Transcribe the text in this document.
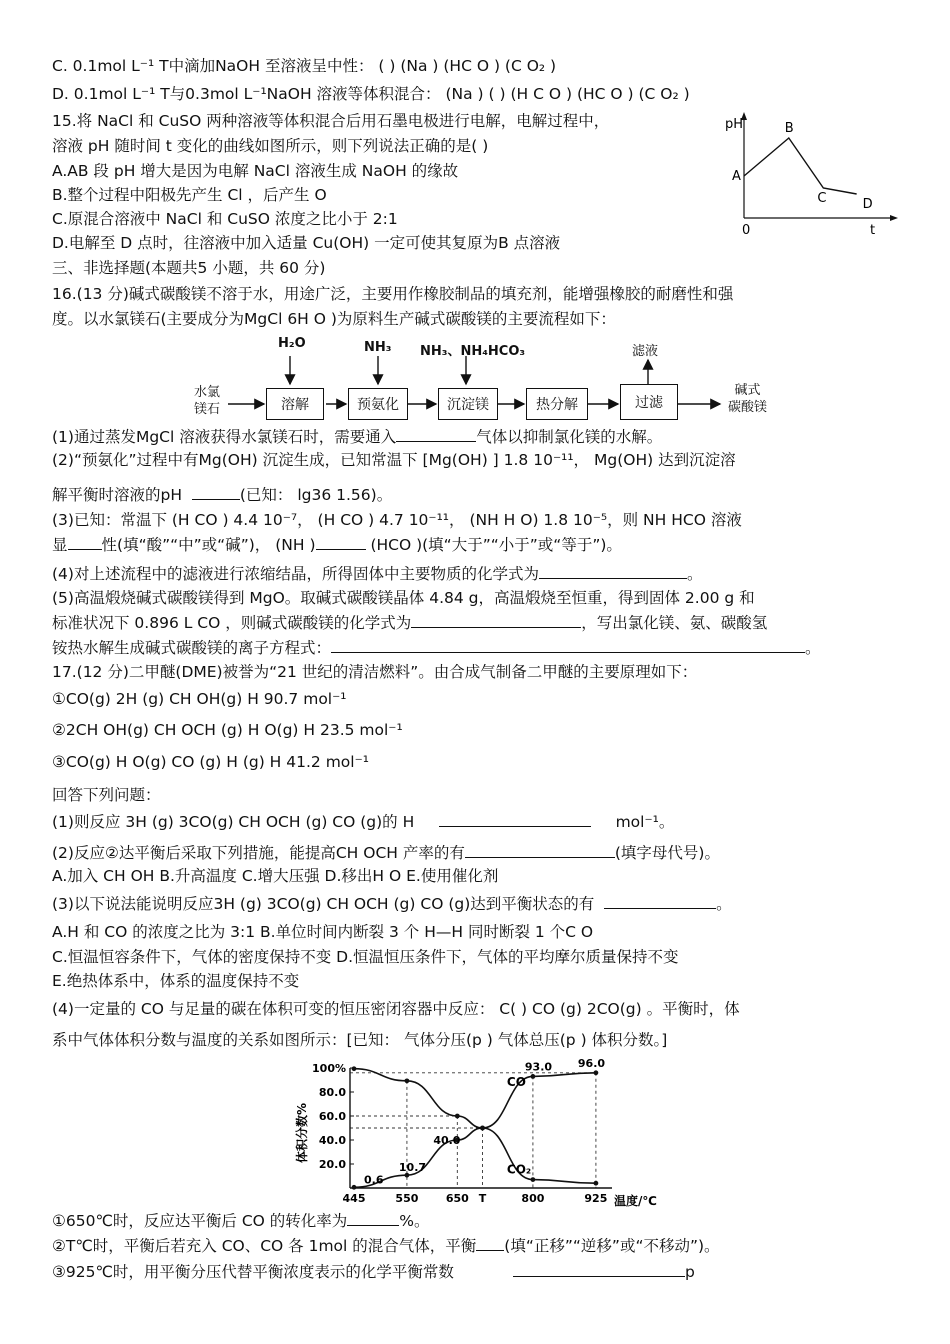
C. 0.1mol L⁻¹ T中滴加NaOH 至溶液呈中性： ( ) (Na ) (HC O ) (C O₂ )
D. 0.1mol L⁻¹ T与0.3mol L⁻¹NaOH 溶液等体积混合： (Na ) ( ) (H C O ) (HC O ) (C O₂ )
15.将 NaCl 和 CuSO 两种溶液等体积混合后用石墨电极进行电解，电解过程中，
溶液 pH 随时间 t 变化的曲线如图所示，则下列说法正确的是( )
A.AB 段 pH 增大是因为电解 NaCl 溶液生成 NaOH 的缘故
B.整个过程中阳极先产生 Cl ，后产生 O
C.原混合溶液中 NaCl 和 CuSO 浓度之比小于 2:1
D.电解至 D 点时，往溶液中加入适量 Cu(OH) 一定可使其复原为B 点溶液
三、非选择题(本题共5 小题，共 60 分)
16.(13 分)碱式碳酸镁不溶于水，用途广泛，主要用作橡胶制品的填充剂，能增强橡胶的耐磨性和强
度。以水氯镁石(主要成分为MgCl 6H O )为原料生产碱式碳酸镁的主要流程如下：
pH
t
0
A
B
C	D
水氯
镁石	溶解	预氨化	沉淀镁	热分解	过滤
H₂O	NH₃ NH₃、NH₄HCO₃	滤液
碱式
碳酸镁
(1)通过蒸发MgCl 溶液获得水氯镁石时，需要通入	气体以抑制氯化镁的水解。
(2)“预氨化”过程中有Mg(OH) 沉淀生成，已知常温下 [Mg(OH) ] 1.8 10⁻¹¹， Mg(OH) 达到沉淀溶
解平衡时溶液的pH	(已知： lg36 1.56)。
(3)已知：常温下 (H CO ) 4.4 10⁻⁷， (H CO ) 4.7 10⁻¹¹， (NH H O) 1.8 10⁻⁵，则 NH HCO 溶液
显 性(填“酸”“中”或“碱”)， (NH )	(HCO )(填“大于”“小于”或“等于”)。
(4)对上述流程中的滤液进行浓缩结晶，所得固体中主要物质的化学式为	。
(5)高温煅烧碱式碳酸镁得到 MgO。取碱式碳酸镁晶体 4.84 g，高温煅烧至恒重，得到固体 2.00 g 和
标准状况下 0.896 L CO ，则碱式碳酸镁的化学式为	，写出氯化镁、氨、碳酸氢
铵热水解生成碱式碳酸镁的离子方程式：	。
17.(12 分)二甲醚(DME)被誉为“21 世纪的清洁燃料”。由合成气制备二甲醚的主要原理如下：
①CO(g) 2H (g) CH OH(g) H 90.7 mol⁻¹
②2CH OH(g) CH OCH (g) H O(g) H 23.5 mol⁻¹
③CO(g) H O(g) CO (g) H (g) H 41.2 mol⁻¹
回答下列问题：
(1)则反应 3H (g) 3CO(g) CH OCH (g) CO (g)的 H	mol⁻¹。
(2)反应②达平衡后采取下列措施，能提高CH OCH 产率的有	(填字母代号)。
A.加入 CH OH B.升高温度 C.增大压强 D.移出H O E.使用催化剂
(3)以下说法能说明反应3H (g) 3CO(g) CH OCH (g) CO (g)达到平衡状态的有	。
A.H 和 CO 的浓度之比为 3:1 B.单位时间内断裂 3 个 H—H 同时断裂 1 个C O
C.恒温恒容条件下，气体的密度保持不变 D.恒温恒压条件下，气体的平均摩尔质量保持不变
E.绝热体系中，体系的温度保持不变
(4)一定量的 CO 与足量的碳在体积可变的恒压密闭容器中反应： C( ) CO (g) 2CO(g) 。平衡时，体
系中气体体积分数与温度的关系如图所示：[已知： 气体分压(p ) 气体总压(p ) 体积分数。]
体积分数%
温度/℃
20.0
40.0
60.0
80.0
100%
445	550 650 T	800	925
CO
CO₂
0.6
10.7
40.0
93.0 96.0
①650℃时，反应达平衡后 CO 的转化率为	%。
②T℃时，平衡后若充入 CO、CO 各 1mol 的混合气体，平衡 (填“正移”“逆移”或“不移动”)。
③925℃时，用平衡分压代替平衡浓度表示的化学平衡常数	p
